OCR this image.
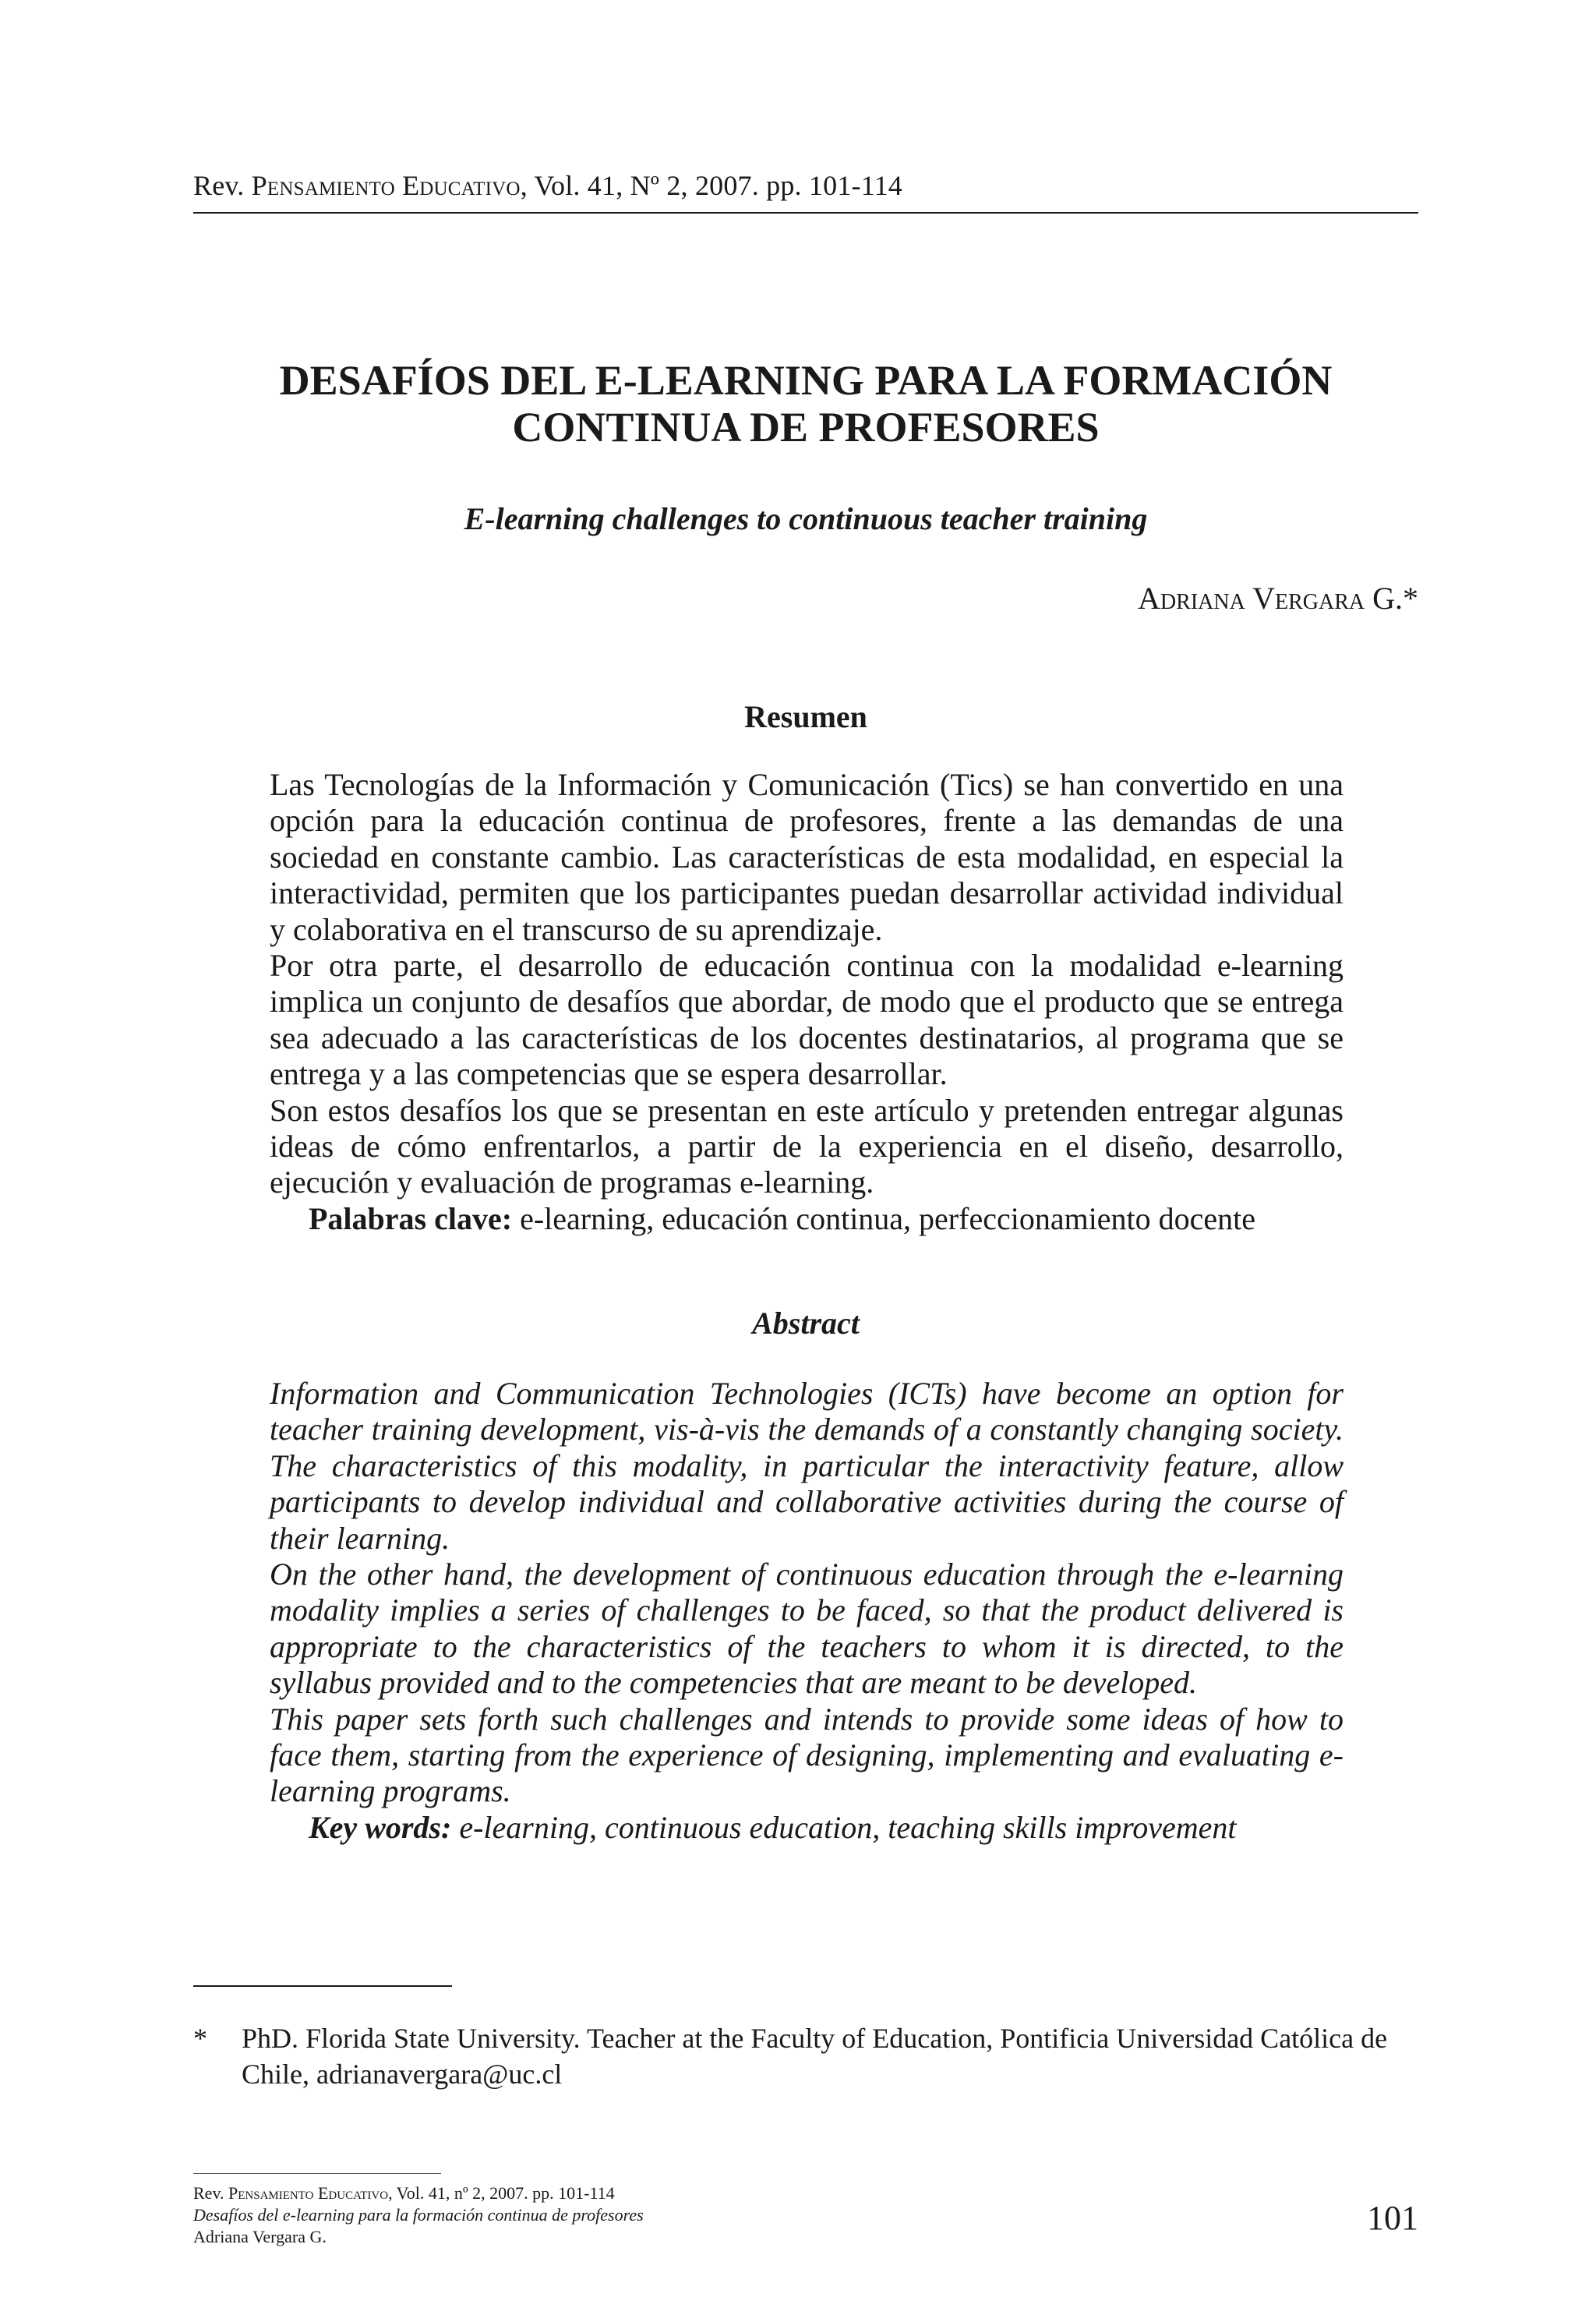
Rev. Pensamiento Educativo, Vol. 41, Nº 2, 2007. pp. 101-114
DESAFÍOS DEL E-LEARNING PARA LA FORMACIÓN
CONTINUA DE PROFESORES
E-learning challenges to continuous teacher training
Adriana Vergara G.*
Resumen

Las Tecnologías de la Información y Comunicación (Tics) se han convertido en una opción para la educación continua de profesores, frente a las demandas de una sociedad en constante cambio. Las características de esta modalidad, en especial la interactividad, permiten que los participantes puedan desarrollar actividad individual y colaborativa en el transcurso de su aprendizaje.

Por otra parte, el desarrollo de educación continua con la modalidad e-learning implica un conjunto de desafíos que abordar, de modo que el producto que se entrega sea adecuado a las características de los docentes destinatarios, al programa que se entrega y a las competencias que se espera desarrollar.

Son estos desafíos los que se presentan en este artículo y pretenden entregar algunas ideas de cómo enfrentarlos, a partir de la experiencia en el diseño, desarrollo, ejecución y evaluación de programas e-learning.

Palabras clave: e-learning, educación continua, perfeccionamiento docente

Abstract

Information and Communication Technologies (ICTs) have become an option for teacher training development, vis-à-vis the demands of a constantly changing society. The characteristics of this modality, in particular the interactivity feature, allow participants to develop individual and collaborative activities during the course of their learning.

On the other hand, the development of continuous education through the e-learning modality implies a series of challenges to be faced, so that the product delivered is appropriate to the characteristics of the teachers to whom it is directed, to the syllabus provided and to the competencies that are meant to be developed.

This paper sets forth such challenges and intends to provide some ideas of how to face them, starting from the experience of designing, implementing and evaluating e-learning programs.

Key words: e-learning, continuous education, teaching skills improvement

* PhD. Florida State University. Teacher at the Faculty of Education, Pontificia Universidad Católica de Chile, adrianavergara@uc.cl
Rev. Pensamiento Educativo, Vol. 41, nº 2, 2007. pp. 101-114
Desafíos del e-learning para la formación continua de profesores
Adriana Vergara G.	101
